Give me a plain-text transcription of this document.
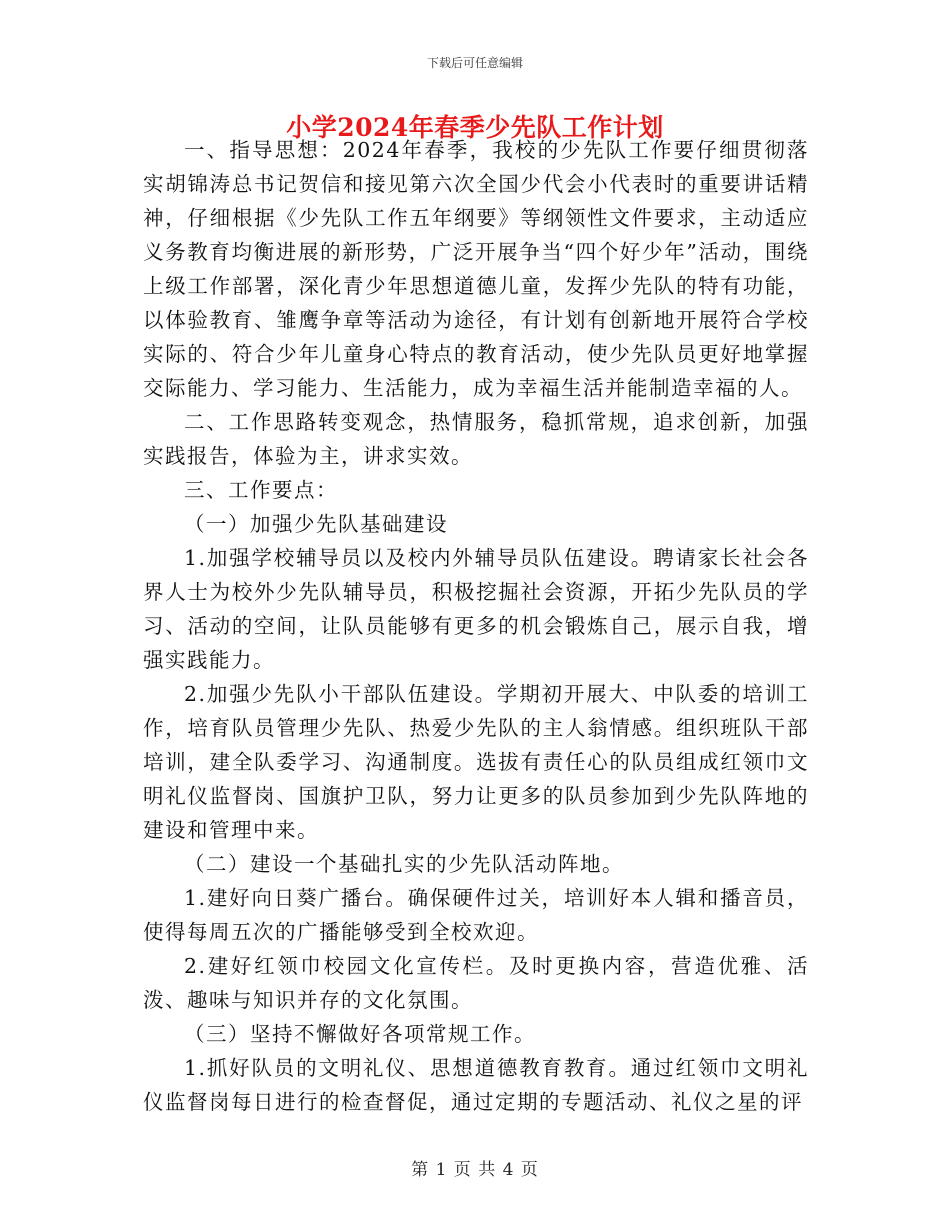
下载后可任意编辑
小学2024年春季少先队工作计划

一、指导思想：2024年春季，我校的少先队工作要仔细贯彻落实胡锦涛总书记贺信和接见第六次全国少代会小代表时的重要讲话精神，仔细根据《少先队工作五年纲要》等纲领性文件要求，主动适应义务教育均衡进展的新形势，广泛开展争当“四个好少年”活动，围绕上级工作部署，深化青少年思想道德儿童，发挥少先队的特有功能，以体验教育、雏鹰争章等活动为途径，有计划有创新地开展符合学校实际的、符合少年儿童身心特点的教育活动，使少先队员更好地掌握交际能力、学习能力、生活能力，成为幸福生活并能制造幸福的人。

二、工作思路转变观念，热情服务，稳抓常规，追求创新，加强实践报告，体验为主，讲求实效。

三、工作要点：

（一）加强少先队基础建设

1.加强学校辅导员以及校内外辅导员队伍建设。聘请家长社会各界人士为校外少先队辅导员，积极挖掘社会资源，开拓少先队员的学习、活动的空间，让队员能够有更多的机会锻炼自己，展示自我，增强实践能力。

2.加强少先队小干部队伍建设。学期初开展大、中队委的培训工作，培育队员管理少先队、热爱少先队的主人翁情感。组织班队干部培训，建全队委学习、沟通制度。选拔有责任心的队员组成红领巾文明礼仪监督岗、国旗护卫队，努力让更多的队员参加到少先队阵地的建设和管理中来。

（二）建设一个基础扎实的少先队活动阵地。

1.建好向日葵广播台。确保硬件过关，培训好本人辑和播音员，使得每周五次的广播能够受到全校欢迎。

2.建好红领巾校园文化宣传栏。及时更换内容，营造优雅、活泼、趣味与知识并存的文化氛围。

（三）坚持不懈做好各项常规工作。

1.抓好队员的文明礼仪、思想道德教育教育。通过红领巾文明礼仪监督岗每日进行的检查督促，通过定期的专题活动、礼仪之星的评

第 1 页 共 4 页
